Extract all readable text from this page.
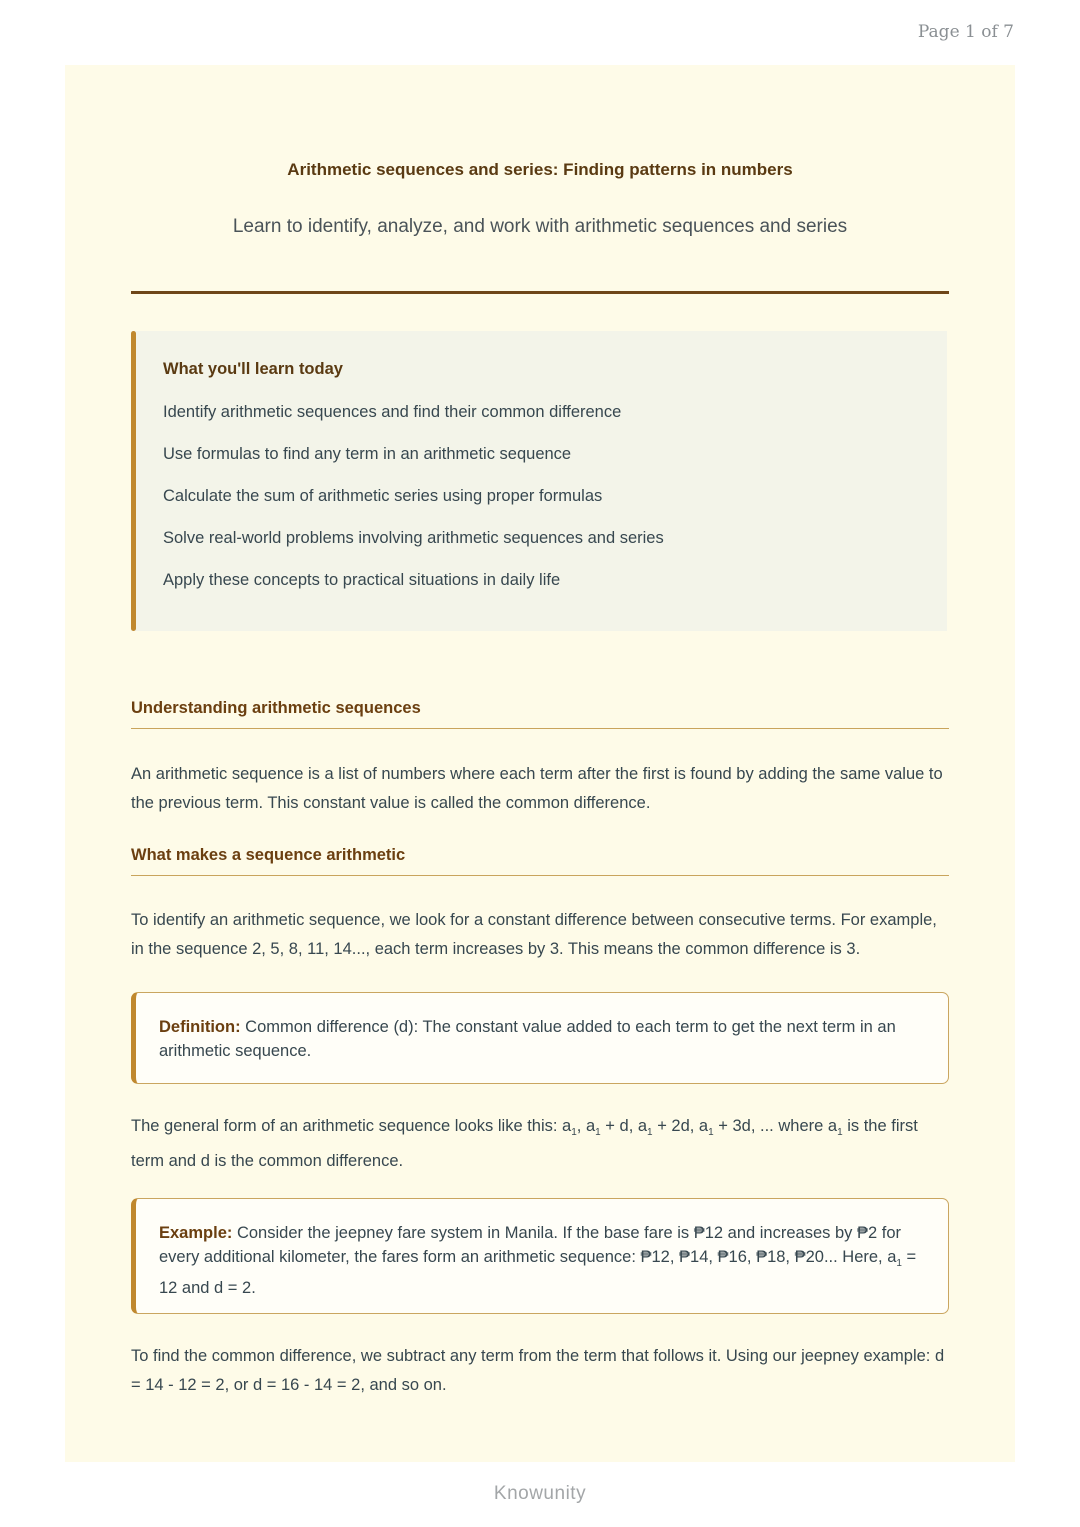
Page 1 of 7
Arithmetic sequences and series: Finding patterns in numbers
Learn to identify, analyze, and work with arithmetic sequences and series
What you'll learn today
Identify arithmetic sequences and find their common difference
Use formulas to find any term in an arithmetic sequence
Calculate the sum of arithmetic series using proper formulas
Solve real-world problems involving arithmetic sequences and series
Apply these concepts to practical situations in daily life
Understanding arithmetic sequences
An arithmetic sequence is a list of numbers where each term after the first is found by adding the same value to the previous term. This constant value is called the common difference.
What makes a sequence arithmetic
To identify an arithmetic sequence, we look for a constant difference between consecutive terms. For example, in the sequence 2, 5, 8, 11, 14..., each term increases by 3. This means the common difference is 3.
Definition: Common difference (d): The constant value added to each term to get the next term in an arithmetic sequence.
The general form of an arithmetic sequence looks like this: $a_1$, $a_1 + d$, $a_1 + 2d$, $a_1 + 3d$, ... where $a_1$ is the first term and d is the common difference.
Example: Consider the jeepney fare system in Manila. If the base fare is ₱12 and increases by ₱2 for every additional kilometer, the fares form an arithmetic sequence: ₱12, ₱14, ₱16, ₱18, ₱20... Here, $a_1 = 12$ and d = 2.
To find the common difference, we subtract any term from the term that follows it. Using our jeepney example: d = 14 - 12 = 2, or d = 16 - 14 = 2, and so on.
Knowunity
